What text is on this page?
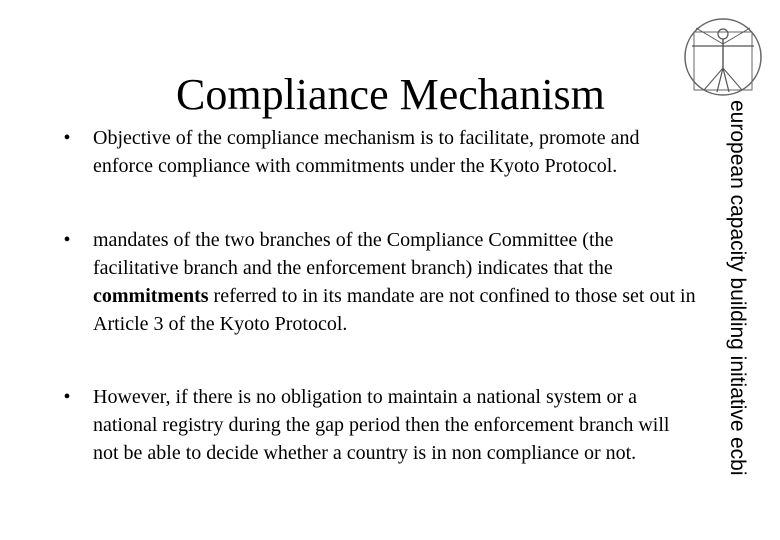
Compliance Mechanism
• Objective of the compliance mechanism is to facilitate, promote and enforce compliance with commitments under the Kyoto Protocol.
• mandates of the two branches of the Compliance Committee (the facilitative branch and the enforcement branch) indicates that the commitments referred to in its mandate are not confined to those set out in Article 3 of the Kyoto Protocol.
• However, if there is no obligation to maintain a national system or a national registry during the gap period then the enforcement branch will not be able to decide whether a country is in non compliance or not.
european capacity building initiative ecbi
